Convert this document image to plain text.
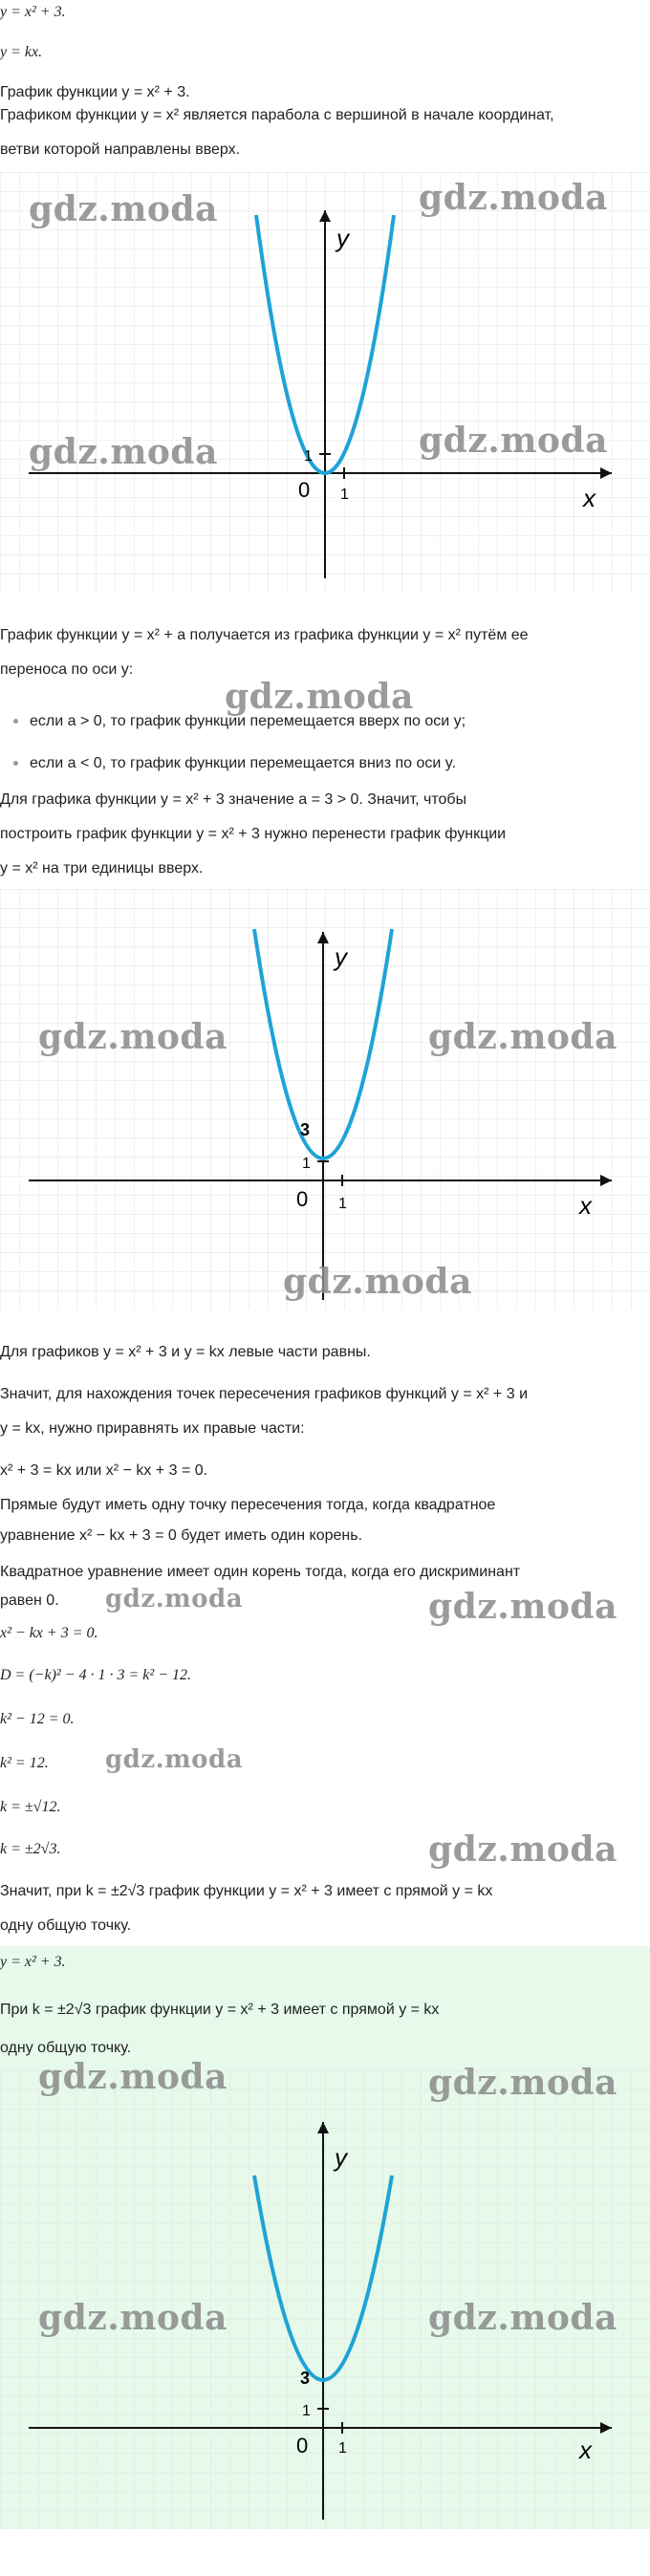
y = x² + 3.
y = kx.
График функции y = x² + 3.
Графиком функции y = x² является парабола с вершиной в начале координат,
ветви которой направлены вверх.
x
y
0
1
1
gdz.moda	gdz.moda
gdz.moda	gdz.moda
График функции y = x² + a получается из графика функции y = x² путём ее
переноса по оси y:
gdz.moda
если a > 0, то график функции перемещается вверх по оси y;
если a < 0, то график функции перемещается вниз по оси y.
Для графика функции y = x² + 3 значение a = 3 > 0. Значит, чтобы
построить график функции y = x² + 3 нужно перенести график функции
y = x² на три единицы вверх.
x
y
0
1
3
1
gdz.moda	gdz.moda
gdz.moda
Для графиков y = x² + 3 и y = kx левые части равны.
Значит, для нахождения точек пересечения графиков функций y = x² + 3 и
y = kx, нужно приравнять их правые части:
x² + 3 = kx или x² − kx + 3 = 0.
Прямые будут иметь одну точку пересечения тогда, когда квадратное
уравнение x² − kx + 3 = 0 будет иметь один корень.
Квадратное уравнение имеет один корень тогда, когда его дискриминант
равен 0. gdz.moda	gdz.moda
x² − kx + 3 = 0.
D = (−k)² − 4 · 1 · 3 = k² − 12.
k² − 12 = 0.
k² = 12. gdz.moda
k = ±√12.
k = ±2√3.	gdz.moda
Значит, при k = ±2√3 график функции y = x² + 3 имеет с прямой y = kx
одну общую точку.
y = x² + 3.
При k = ±2√3 график функции y = x² + 3 имеет с прямой y = kx
одну общую точку.
x
y
0
1
3
1
gdz.moda	gdz.moda
gdz.moda	gdz.moda
